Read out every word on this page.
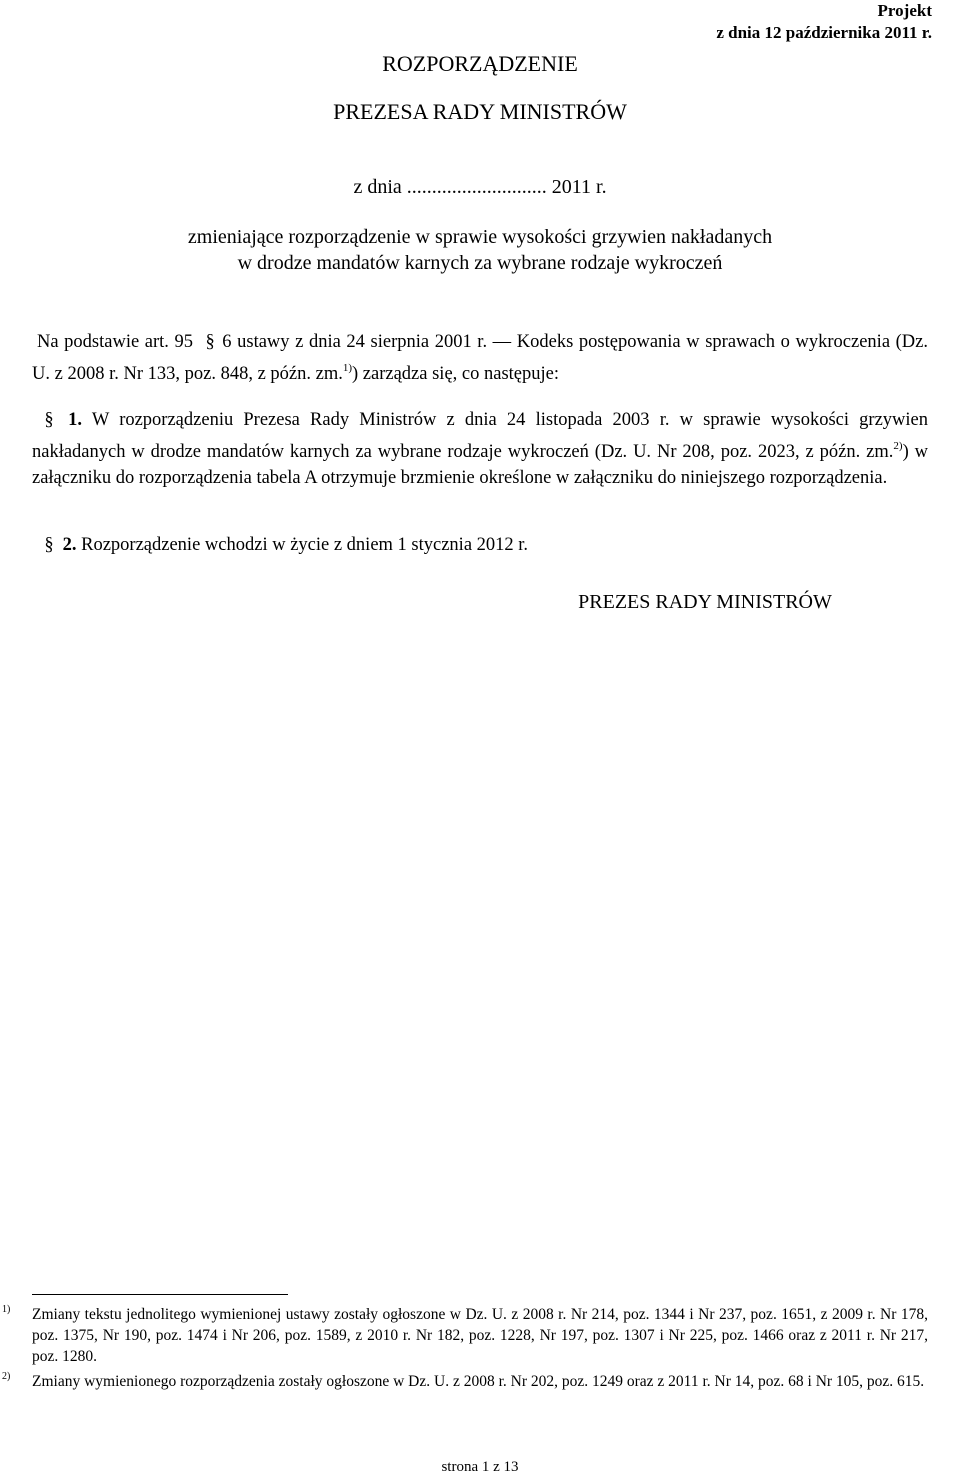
Projekt
z dnia 12 października 2011 r.
ROZPORZĄDZENIE
PREZESA RADY MINISTRÓW
z dnia ............................ 2011 r.
zmieniające rozporządzenie w sprawie wysokości grzywien nakładanych
w drodze mandatów karnych za wybrane rodzaje wykroczeń
Na podstawie art. 95 § 6 ustawy z dnia 24 sierpnia 2001 r. — Kodeks postępowania w sprawach o wykroczenia (Dz. U. z 2008 r. Nr 133, poz. 848, z późn. zm.$^{1)}$) zarządza się, co następuje:
§ 1. W rozporządzeniu Prezesa Rady Ministrów z dnia 24 listopada 2003 r. w sprawie wysokości grzywien nakładanych w drodze mandatów karnych za wybrane rodzaje wykroczeń (Dz. U. Nr 208, poz. 2023, z późn. zm.$^{2)}$) w załączniku do rozporządzenia tabela A otrzymuje brzmienie określone w załączniku do niniejszego rozporządzenia.
§ 2. Rozporządzenie wchodzi w życie z dniem 1 stycznia 2012 r.
PREZES RADY MINISTRÓW
1) Zmiany tekstu jednolitego wymienionej ustawy zostały ogłoszone w Dz. U. z 2008 r. Nr 214, poz. 1344 i Nr 237, poz. 1651, z 2009 r. Nr 178, poz. 1375, Nr 190, poz. 1474 i Nr 206, poz. 1589, z 2010 r. Nr 182, poz. 1228, Nr 197, poz. 1307 i Nr 225, poz. 1466 oraz z 2011 r. Nr 217, poz. 1280.
2) Zmiany wymienionego rozporządzenia zostały ogłoszone w Dz. U. z 2008 r. Nr 202, poz. 1249 oraz z 2011 r. Nr 14, poz. 68 i Nr 105, poz. 615.
strona 1 z 13
